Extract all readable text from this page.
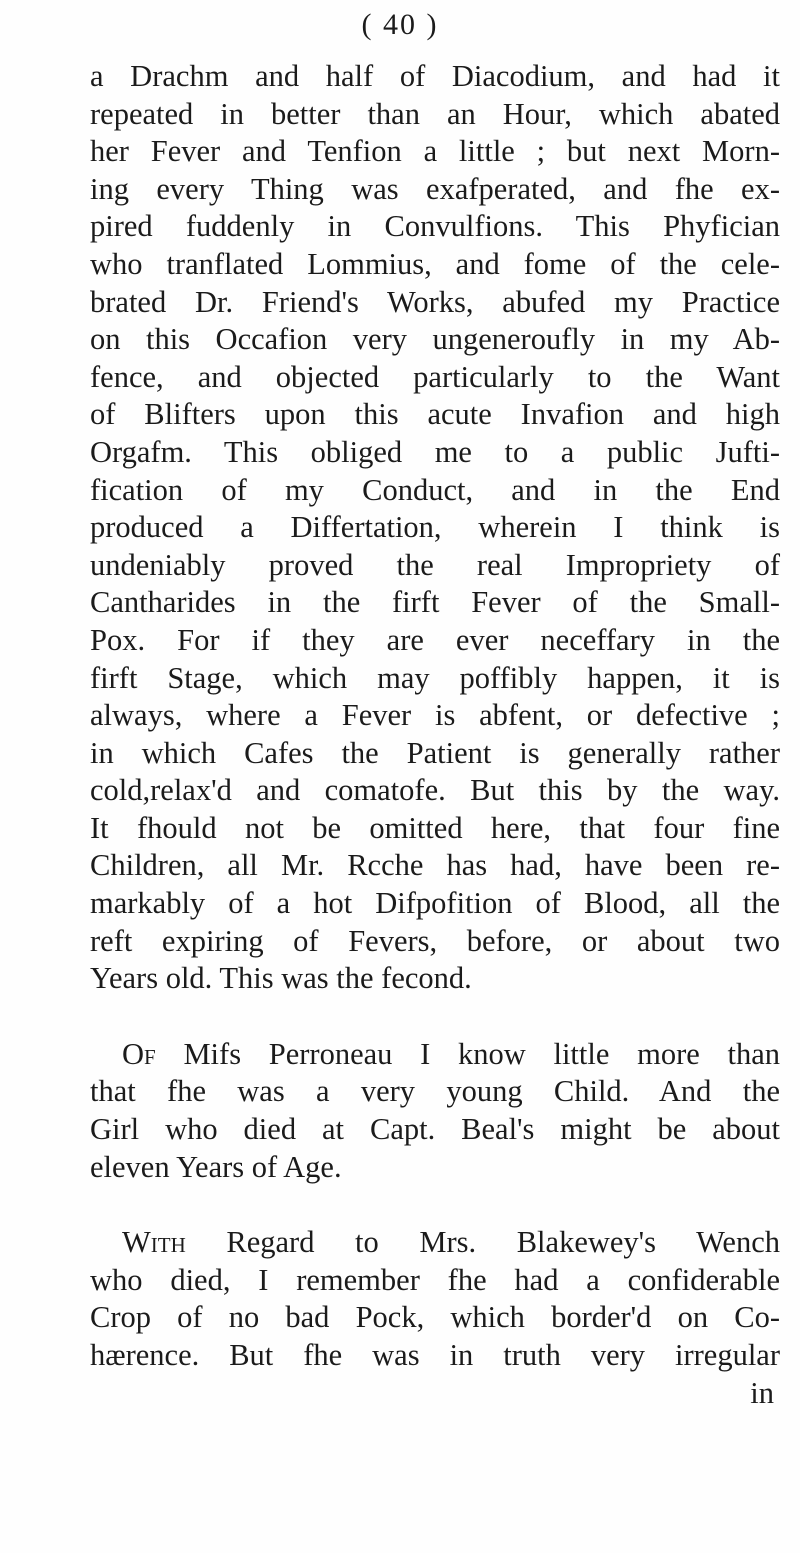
( 40 )
a Drachm and half of Diacodium, and had it
repeated in better than an Hour, which abated
her Fever and Tenfion a little ; but next Morn-
ing every Thing was exafperated, and fhe ex-
pired fuddenly in Convulfions. This Phyfician
who tranflated Lommius, and fome of the cele-
brated Dr. Friend's Works, abufed my Practice
on this Occafion very ungeneroufly in my Ab-
fence, and objected particularly to the Want
of Blifters upon this acute Invafion and high
Orgafm. This obliged me to a public Jufti-
fication of my Conduct, and in the End
produced a Differtation, wherein I think is
undeniably proved the real Impropriety of
Cantharides in the firft Fever of the Small-
Pox. For if they are ever neceffary in the
firft Stage, which may poffibly happen, it is
always, where a Fever is abfent, or defective ;
in which Cafes the Patient is generally rather
cold,relax'd and comatofe. But this by the way.
It fhould not be omitted here, that four fine
Children, all Mr. Rcche has had, have been re-
markably of a hot Difpofition of Blood, all the
reft expiring of Fevers, before, or about two
Years old. This was the fecond.
Of Mifs Perroneau I know little more than
that fhe was a very young Child. And the
Girl who died at Capt. Beal's might be about
eleven Years of Age.
With Regard to Mrs. Blakewey's Wench
who died, I remember fhe had a confiderable
Crop of no bad Pock, which border'd on Co-
hærence. But fhe was in truth very irregular
in
